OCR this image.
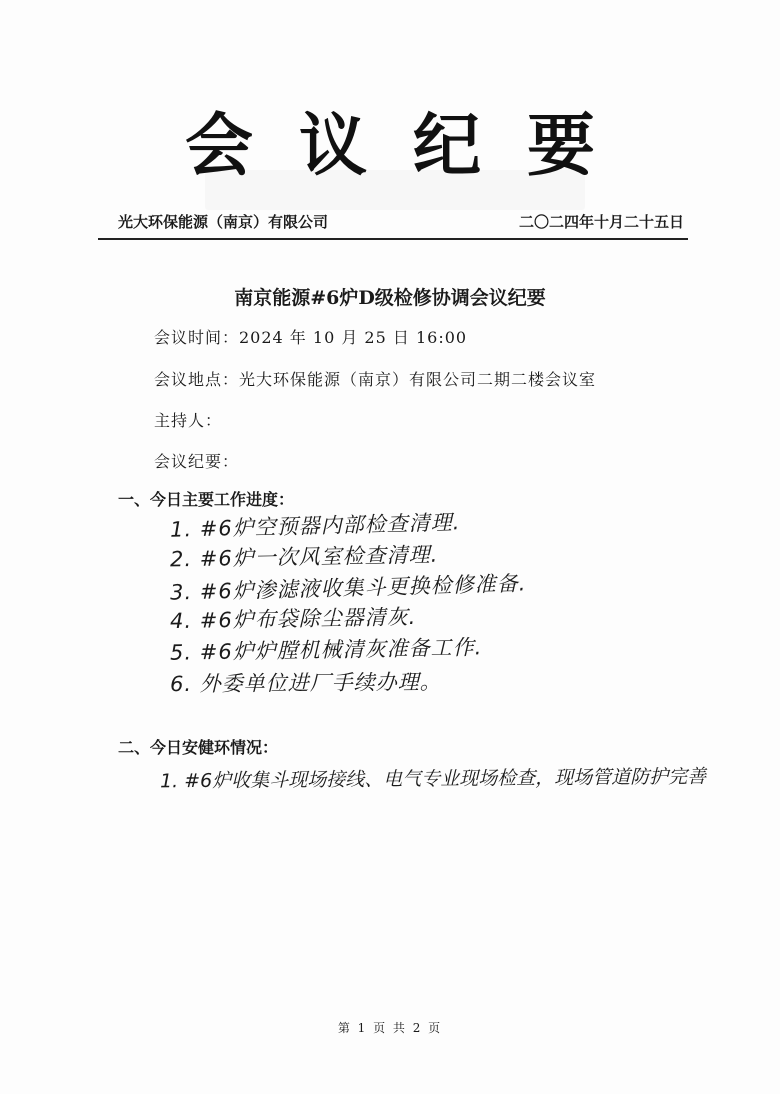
会议纪要
光大环保能源（南京）有限公司	二〇二四年十月二十五日
南京能源#6炉D级检修协调会议纪要
会议时间：2024 年 10 月 25 日 16:00
会议地点：光大环保能源（南京）有限公司二期二楼会议室
主持人：
会议纪要：
一、今日主要工作进度：
1. #6炉空预器内部检查清理.
2. #6炉一次风室检查清理.
3. #6炉渗滤液收集斗更换检修准备.
4. #6炉布袋除尘器清灰.
5. #6炉炉膛机械清灰准备工作.
6. 外委单位进厂手续办理。
二、今日安健环情况：
1. #6炉收集斗现场接线、电气专业现场检查，现场管道防护完善
第 1 页 共 2 页
